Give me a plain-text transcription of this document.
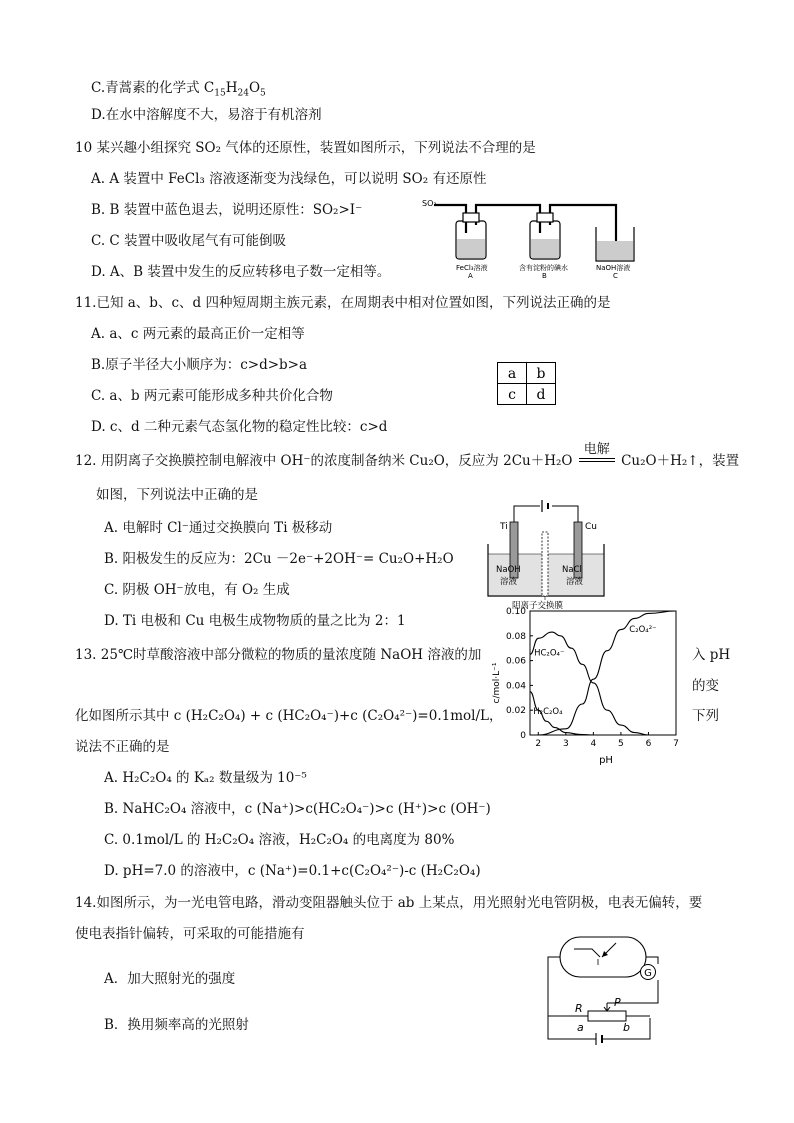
C.青蒿素的化学式 $C_{15}H_{24}O_5$
D.在水中溶解度不大，易溶于有机溶剂
10 某兴趣小组探究 SO₂ 气体的还原性，装置如图所示，下列说法不合理的是
A. A 装置中 FeCl₃ 溶液逐渐变为浅绿色，可以说明 SO₂ 有还原性
B. B 装置中蓝色退去，说明还原性：SO₂>I⁻
C. C 装置中吸收尾气有可能倒吸
D. A、B 装置中发生的反应转移电子数一定相等。
SO₂
FeCl₃溶液
A
含有淀粉的碘水
B
NaOH溶液
C
11.已知 a、b、c、d 四种短周期主族元素，在周期表中相对位置如图，下列说法正确的是
A. a、c 两元素的最高正价一定相等
B.原子半径大小顺序为：c>d>b>a
C. a、b 两元素可能形成多种共价化合物
D. c、d 二种元素气态氢化物的稳定性比较：c>d
a b
c d
12. 用阴离子交换膜控制电解液中 OH⁻的浓度制备纳米 Cu₂O，反应为 2Cu＋H₂O
电解
Cu₂O＋H₂↑，装置
如图，下列说法中正确的是
A. 电解时 Cl⁻通过交换膜向 Ti 极移动
B. 阳极发生的反应为：2Cu －2e⁻+2OH⁻= Cu₂O+H₂O
C. 阴极 OH⁻放电，有 O₂ 生成
D. Ti 电极和 Cu 电极生成物物质的量之比为 2：1
Ti	Cu
NaOH
溶液
NaCl
溶液
阴离子交换膜
13. 25℃时草酸溶液中部分微粒的物质的量浓度随 NaOH 溶液的加	入 pH
的变
化如图所示其中 c (H₂C₂O₄) + c (HC₂O₄⁻)+c (C₂O₄²⁻)=0.1mol/L，	下列
说法不正确的是
A. H₂C₂O₄ 的 Kₐ₂ 数量级为 10⁻⁵
B. NaHC₂O₄ 溶液中，c (Na⁺)>c(HC₂O₄⁻)>c (H⁺)>c (OH⁻)
C. 0.1mol/L 的 H₂C₂O₄ 溶液，H₂C₂O₄ 的电离度为 80%
D. pH=7.0 的溶液中，c (Na⁺)=0.1+c(C₂O₄²⁻)-c (H₂C₂O₄)
H₂C₂O₄
HC₂O₄⁻
C₂O₄²⁻
2 3 4 5 6 7
0
0.02
0.04
0.06
0.08
0.10
pH
c/mol·L⁻¹
14.如图所示，为一光电管电路，滑动变阻器触头位于 ab 上某点，用光照射光电管阴极，电表无偏转，要
使电表指针偏转，可采取的可能措施有
A．加大照射光的强度
B．换用频率高的光照射
G
R	P
a	b
